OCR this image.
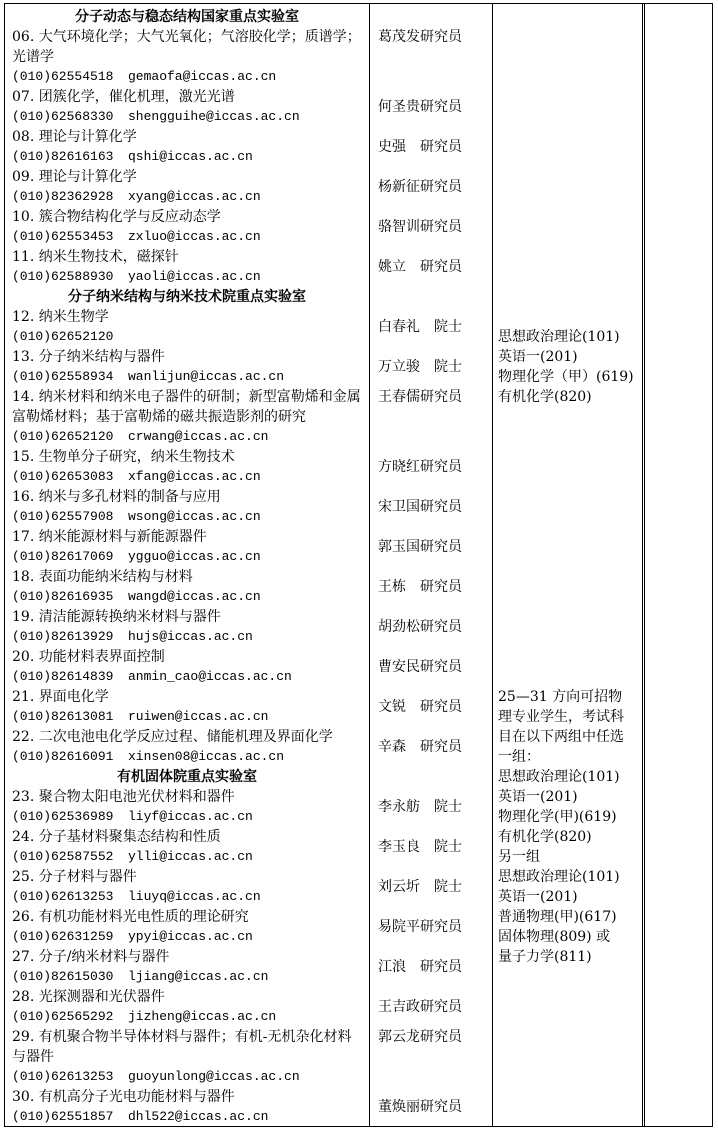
分子动态与稳态结构国家重点实验室
06. 大气环境化学；大气光氧化；气溶胶化学；质谱学；光谱学
(010)62554518 gemaofa@iccas.ac.cn
葛茂发研究员
07. 团簇化学，催化机理，激光光谱
(010)62568330 shengguihe@iccas.ac.cn
何圣贵研究员
08. 理论与计算化学
(010)82616163 qshi@iccas.ac.cn
史强　研究员
09. 理论与计算化学
(010)82362928 xyang@iccas.ac.cn
杨新征研究员
10. 簇合物结构化学与反应动态学
(010)62553453 zxluo@iccas.ac.cn
骆智训研究员
11. 纳米生物技术，磁探针
(010)62588930 yaoli@iccas.ac.cn
姚立　研究员
分子纳米结构与纳米技术院重点实验室
12. 纳米生物学
(010)62652120
白春礼　院士
13. 分子纳米结构与器件
(010)62558934 wanlijun@iccas.ac.cn
万立骏　院士
14. 纳米材料和纳米电子器件的研制；新型富勒烯和金属富勒烯材料；基于富勒烯的磁共振造影剂的研究
(010)62652120 crwang@iccas.ac.cn
王春儒研究员
15. 生物单分子研究，纳米生物技术
(010)62653083 xfang@iccas.ac.cn
方晓红研究员
16. 纳米与多孔材料的制备与应用
(010)62557908 wsong@iccas.ac.cn
宋卫国研究员
17. 纳米能源材料与新能源器件
(010)82617069 ygguo@iccas.ac.cn
郭玉国研究员
18. 表面功能纳米结构与材料
(010)82616935 wangd@iccas.ac.cn
王栋　研究员
19. 清洁能源转换纳米材料与器件
(010)82613929 hujs@iccas.ac.cn
胡劲松研究员
20. 功能材料表界面控制
(010)82614839 anmin_cao@iccas.ac.cn
曹安民研究员
21. 界面电化学
(010)82613081 ruiwen@iccas.ac.cn
文锐　研究员
22. 二次电池电化学反应过程、储能机理及界面化学
(010)82616091 xinsen08@iccas.ac.cn
辛森　研究员
有机固体院重点实验室
23. 聚合物太阳电池光伏材料和器件
(010)62536989 liyf@iccas.ac.cn
李永舫　院士
24. 分子基材料聚集态结构和性质
(010)62587552 ylli@iccas.ac.cn
李玉良　院士
25. 分子材料与器件
(010)62613253 liuyq@iccas.ac.cn
刘云圻　院士
26. 有机功能材料光电性质的理论研究
(010)62631259 ypyi@iccas.ac.cn
易院平研究员
27. 分子/纳米材料与器件
(010)82615030 ljiang@iccas.ac.cn
江浪　研究员
28. 光探测器和光伏器件
(010)62565292 jizheng@iccas.ac.cn
王吉政研究员
29. 有机聚合物半导体材料与器件；有机-无机杂化材料与器件
(010)62613253 guoyunlong@iccas.ac.cn
郭云龙研究员
30. 有机高分子光电功能材料与器件
(010)62551857 dhl522@iccas.ac.cn
董焕丽研究员
思想政治理论(101)
英语一(201)
物理化学（甲）(619)
有机化学(820)
25—31 方向可招物
理专业学生，考试科
目在以下两组中任选
一组：
思想政治理论(101)
英语一(201)
物理化学(甲)(619)
有机化学(820)
另一组
思想政治理论(101)
英语一(201)
普通物理(甲)(617)
固体物理(809) 或
量子力学(811)
